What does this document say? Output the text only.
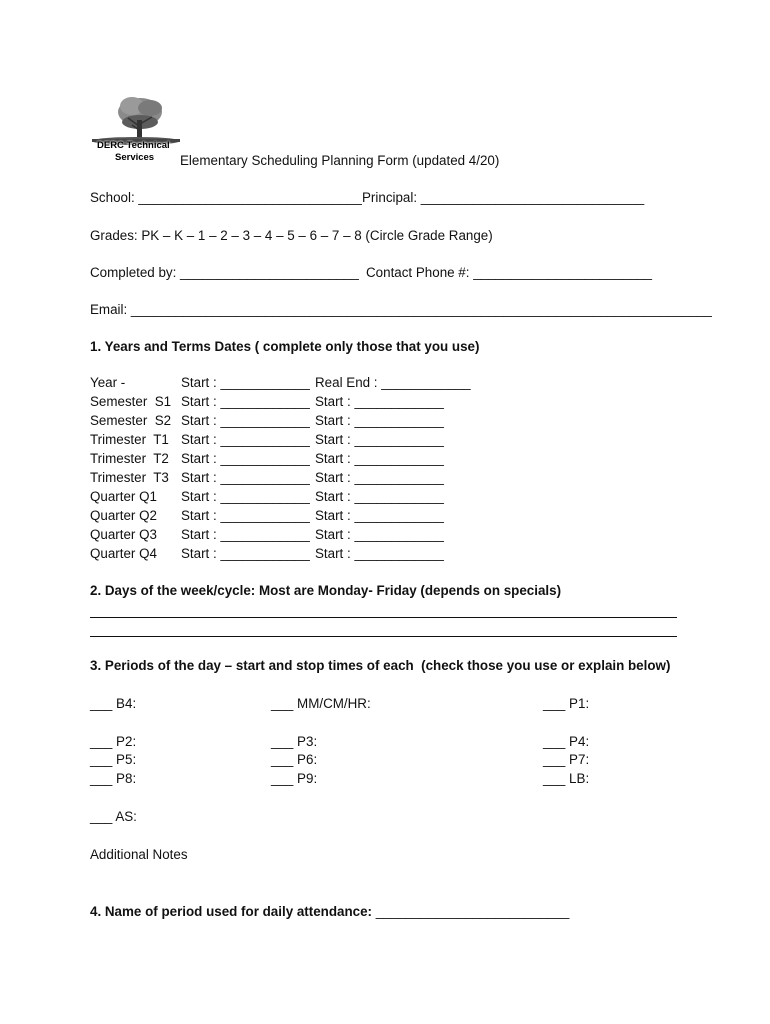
DERC Technical
Services Elementary Scheduling Planning Form (updated 4/20)
School: ______________________________ Principal: ______________________________
Grades: PK – K – 1 – 2 – 3 – 4 – 5 – 6 – 7 – 8 (Circle Grade Range)
Completed by: ________________________ Contact Phone #: ________________________
Email: ______________________________________________________________________________
1. Years and Terms Dates ( complete only those that you use)
Year -	Start : ____________ Real End : ____________
Semester  S1 Start : ____________ Start : ____________
Semester  S2 Start : ____________ Start : ____________
Trimester  T1 Start : ____________ Start : ____________
Trimester  T2 Start : ____________ Start : ____________
Trimester  T3 Start : ____________ Start : ____________
Quarter Q1 Start : ____________ Start : ____________
Quarter Q2 Start : ____________ Start : ____________
Quarter Q3 Start : ____________ Start : ____________
Quarter Q4 Start : ____________ Start : ____________
2. Days of the week/cycle: Most are Monday- Friday (depends on specials)
3. Periods of the day – start and stop times of each  (check those you use or explain below)
___ B4:	___ MM/CM/HR:	___ P1:
___ P2:	___ P3:	___ P4:
___ P5:	___ P6:	___ P7:
___ P8:	___ P9:	___ LB:
___ AS:
Additional Notes
4. Name of period used for daily attendance: __________________________
